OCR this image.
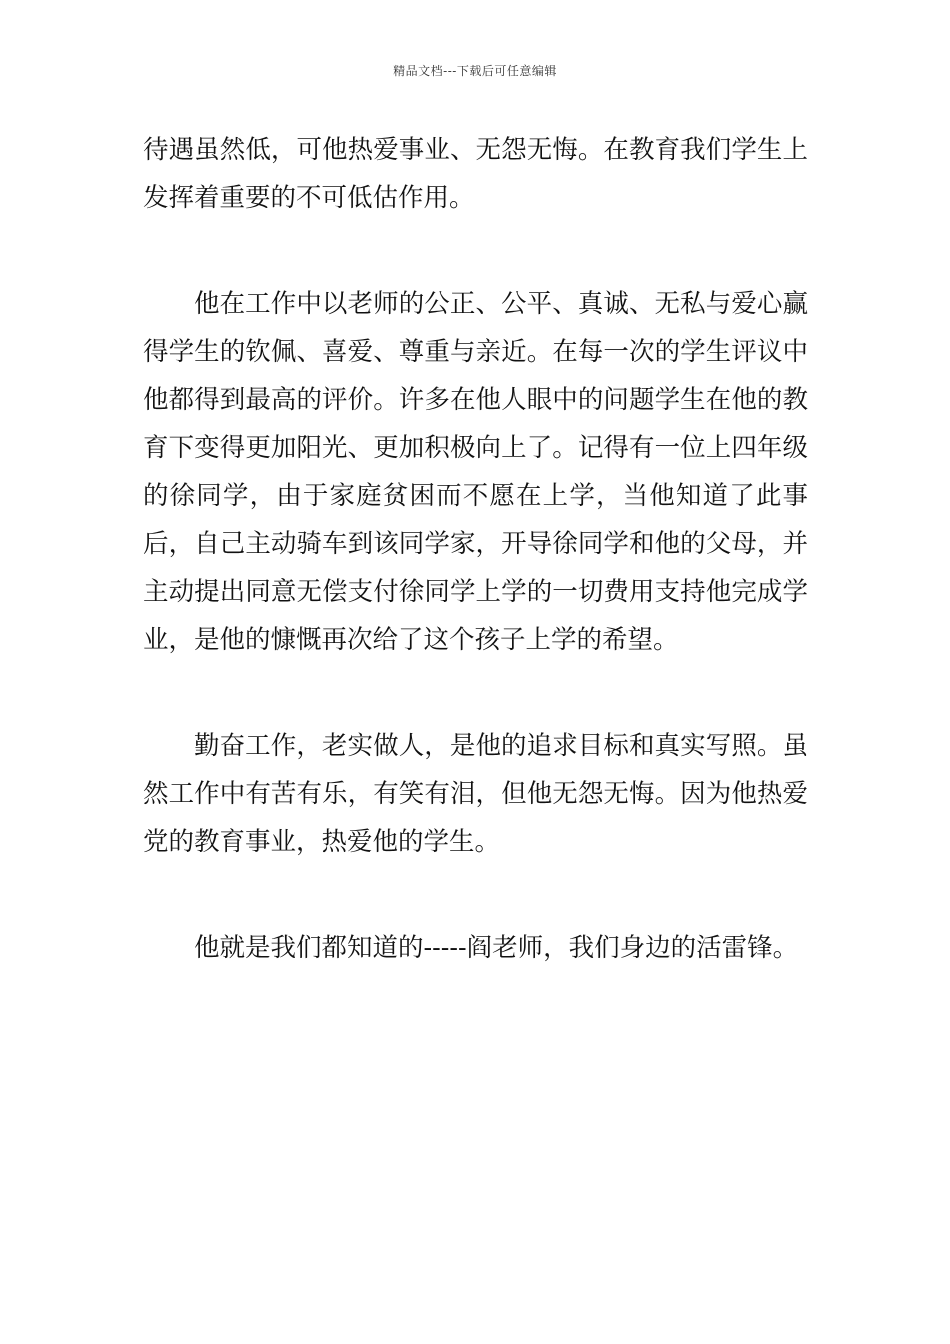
精品文档---下载后可任意编辑

待遇虽然低，可他热爱事业、无怨无悔。在教育我们学生上发挥着重要的不可低估作用。

他在工作中以老师的公正、公平、真诚、无私与爱心赢得学生的钦佩、喜爱、尊重与亲近。在每一次的学生评议中他都得到最高的评价。许多在他人眼中的问题学生在他的教育下变得更加阳光、更加积极向上了。记得有一位上四年级的徐同学，由于家庭贫困而不愿在上学，当他知道了此事后，自己主动骑车到该同学家，开导徐同学和他的父母，并主动提出同意无偿支付徐同学上学的一切费用支持他完成学业，是他的慷慨再次给了这个孩子上学的希望。

勤奋工作，老实做人，是他的追求目标和真实写照。虽然工作中有苦有乐，有笑有泪，但他无怨无悔。因为他热爱党的教育事业，热爱他的学生。

他就是我们都知道的-----阎老师，我们身边的活雷锋。
